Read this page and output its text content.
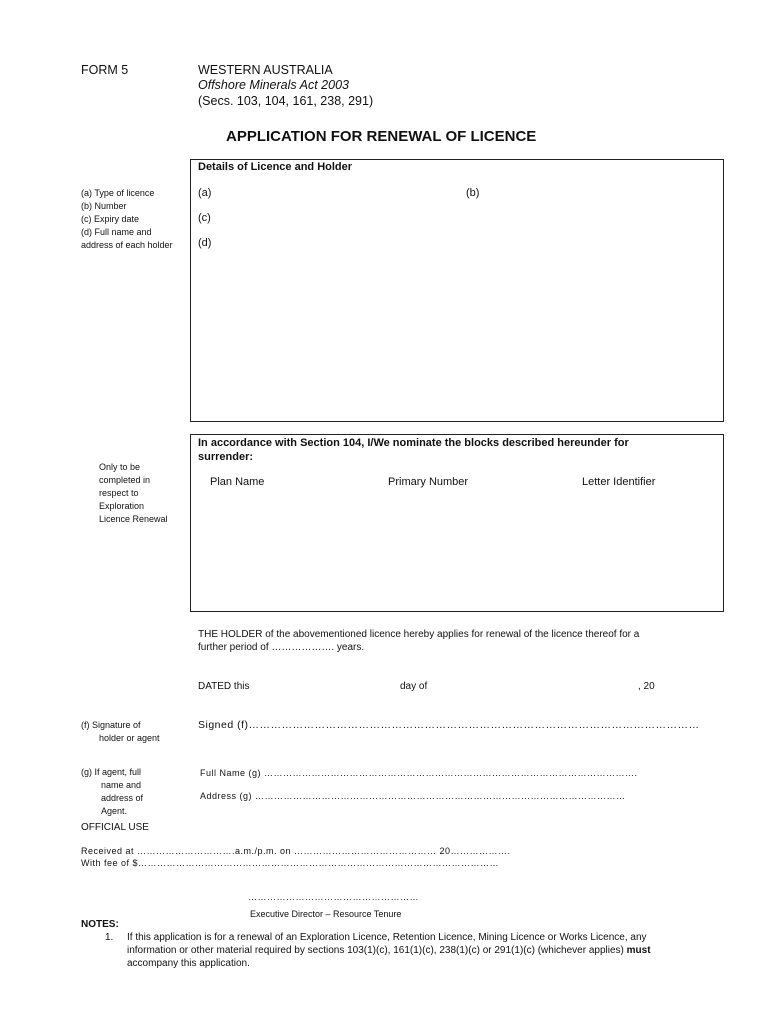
FORM 5	WESTERN AUSTRALIA
Offshore Minerals Act 2003
(Secs. 103, 104, 161, 238, 291)
APPLICATION FOR RENEWAL OF LICENCE
Details of Licence and Holder
(a)	(b)
(c)
(d)
(a) Type of licence
(b) Number
(c) Expiry date
(d) Full name and
address of each holder
In accordance with Section 104, I/We nominate the blocks described hereunder for
surrender:
Plan Name	Primary Number	Letter Identifier
Only to be
completed in
respect to
Exploration
Licence Renewal
THE HOLDER of the abovementioned licence hereby applies for renewal of the licence thereof for a
further period of ………………. years.
DATED this	day of	, 20
(f) Signature of
holder or agent
Signed (f)……………………………………………………………………………………………………………
(g) If agent, full
name and
address of
Agent.
Full Name (g) ……………………………………………………………………………………………………….
Address (g) ………………………………………………………………………………………………………
OFFICIAL USE
Received at ………………………….a.m./p.m. on ……………………………………… 20……………….
With fee of $……………………………………………………………………………………………………
………………………………………………
Executive Director – Resource Tenure
NOTES:
1. If this application is for a renewal of an Exploration Licence, Retention Licence, Mining Licence or Works Licence, any
information or other material required by sections 103(1)(c), 161(1)(c), 238(1)(c) or 291(1)(c) (whichever applies) must
accompany this application.
